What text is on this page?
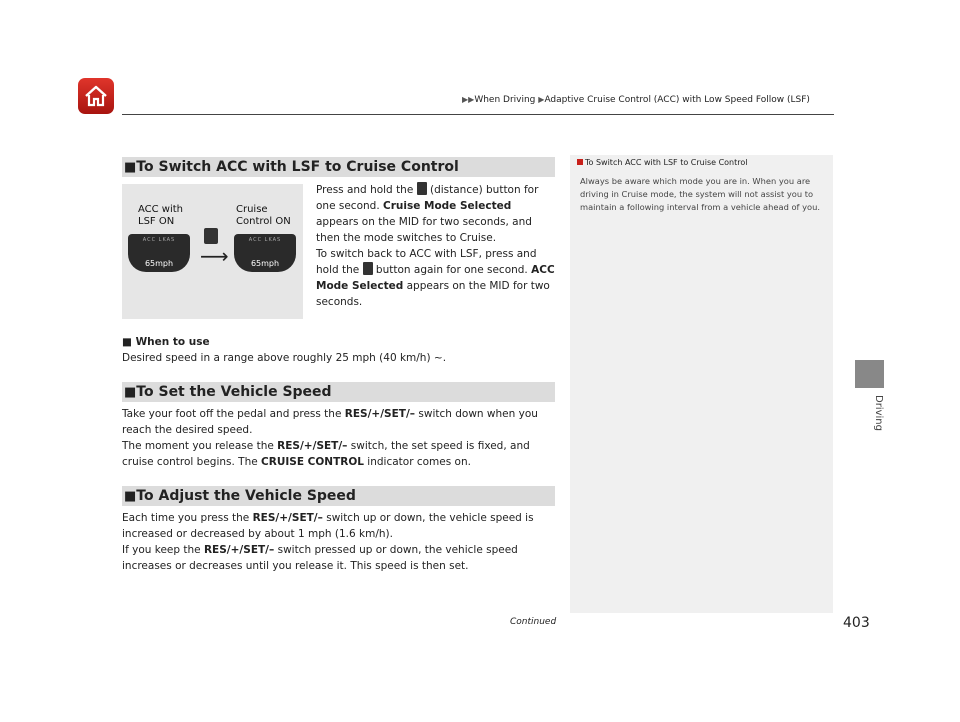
▶▶When Driving ▶Adaptive Cruise Control (ACC) with Low Speed Follow (LSF)
Driving
■To Switch ACC with LSF to Cruise Control
ACC with LSF ON
Cruise Control ON
ACC LKAS
65mph	⟶
ACC LKAS
65mph
Press and hold the (distance) button for one second. Cruise Mode Selected appears on the MID for two seconds, and then the mode switches to Cruise.
To switch back to ACC with LSF, press and hold the button again for one second. ACC Mode Selected appears on the MID for two seconds.
■ When to use
Desired speed in a range above roughly 25 mph (40 km/h) ~.
■To Set the Vehicle Speed
Take your foot off the pedal and press the RES/+/SET/– switch down when you reach the desired speed.
The moment you release the RES/+/SET/– switch, the set speed is fixed, and cruise control begins. The CRUISE CONTROL indicator comes on.
■To Adjust the Vehicle Speed
Each time you press the RES/+/SET/– switch up or down, the vehicle speed is increased or decreased by about 1 mph (1.6 km/h).
If you keep the RES/+/SET/– switch pressed up or down, the vehicle speed increases or decreases until you release it. This speed is then set.
To Switch ACC with LSF to Cruise Control
Always be aware which mode you are in. When you are driving in Cruise mode, the system will not assist you to maintain a following interval from a vehicle ahead of you.
Continued	403
